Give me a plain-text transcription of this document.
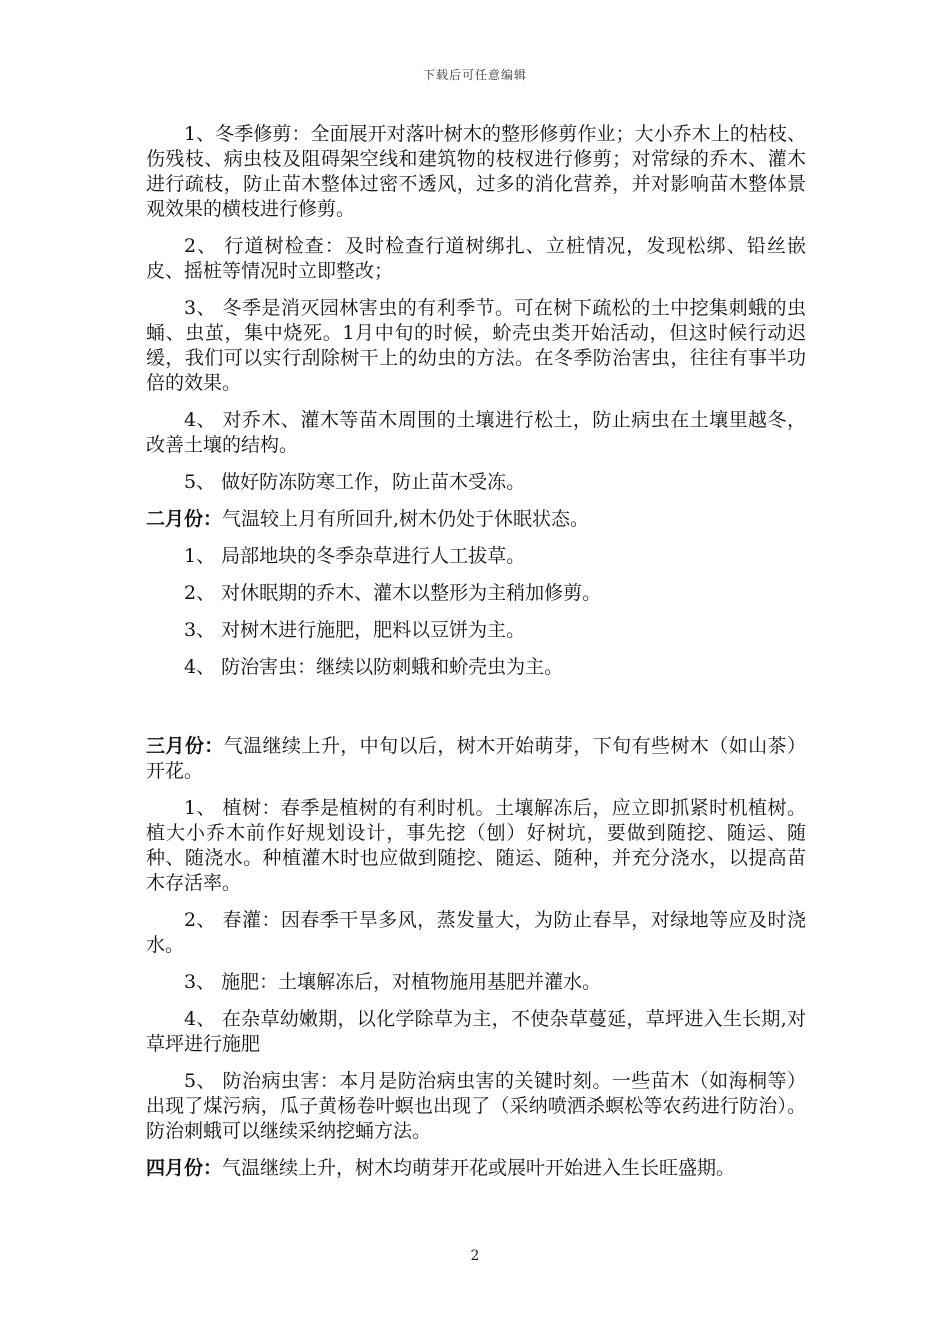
下载后可任意编辑

1、冬季修剪：全面展开对落叶树木的整形修剪作业；大小乔木上的枯枝、伤残枝、病虫枝及阻碍架空线和建筑物的枝杈进行修剪；对常绿的乔木、灌木进行疏枝，防止苗木整体过密不透风，过多的消化营养，并对影响苗木整体景观效果的横枝进行修剪。

2、 行道树检查：及时检查行道树绑扎、立桩情况，发现松绑、铅丝嵌皮、摇桩等情况时立即整改；

3、 冬季是消灭园林害虫的有利季节。可在树下疏松的土中挖集刺蛾的虫蛹、虫茧，集中烧死。1月中旬的时候，蚧壳虫类开始活动，但这时候行动迟缓，我们可以实行刮除树干上的幼虫的方法。在冬季防治害虫，往往有事半功倍的效果。

4、 对乔木、灌木等苗木周围的土壤进行松土，防止病虫在土壤里越冬，改善土壤的结构。

5、 做好防冻防寒工作，防止苗木受冻。

二月份：气温较上月有所回升,树木仍处于休眠状态。

1、 局部地块的冬季杂草进行人工拔草。

2、 对休眠期的乔木、灌木以整形为主稍加修剪。

3、 对树木进行施肥，肥料以豆饼为主。

4、 防治害虫：继续以防刺蛾和蚧壳虫为主。

三月份：气温继续上升，中旬以后，树木开始萌芽，下旬有些树木（如山茶）开花。

1、 植树：春季是植树的有利时机。土壤解冻后，应立即抓紧时机植树。植大小乔木前作好规划设计，事先挖（刨）好树坑，要做到随挖、随运、随种、随浇水。种植灌木时也应做到随挖、随运、随种，并充分浇水，以提高苗木存活率。

2、 春灌：因春季干旱多风，蒸发量大，为防止春旱，对绿地等应及时浇水。

3、 施肥：土壤解冻后，对植物施用基肥并灌水。

4、 在杂草幼嫩期，以化学除草为主，不使杂草蔓延，草坪进入生长期,对草坪进行施肥

5、 防治病虫害：本月是防治病虫害的关键时刻。一些苗木（如海桐等）出现了煤污病，瓜子黄杨卷叶螟也出现了（采纳喷洒杀螟松等农药进行防治）。防治刺蛾可以继续采纳挖蛹方法。

四月份：气温继续上升，树木均萌芽开花或展叶开始进入生长旺盛期。

2
